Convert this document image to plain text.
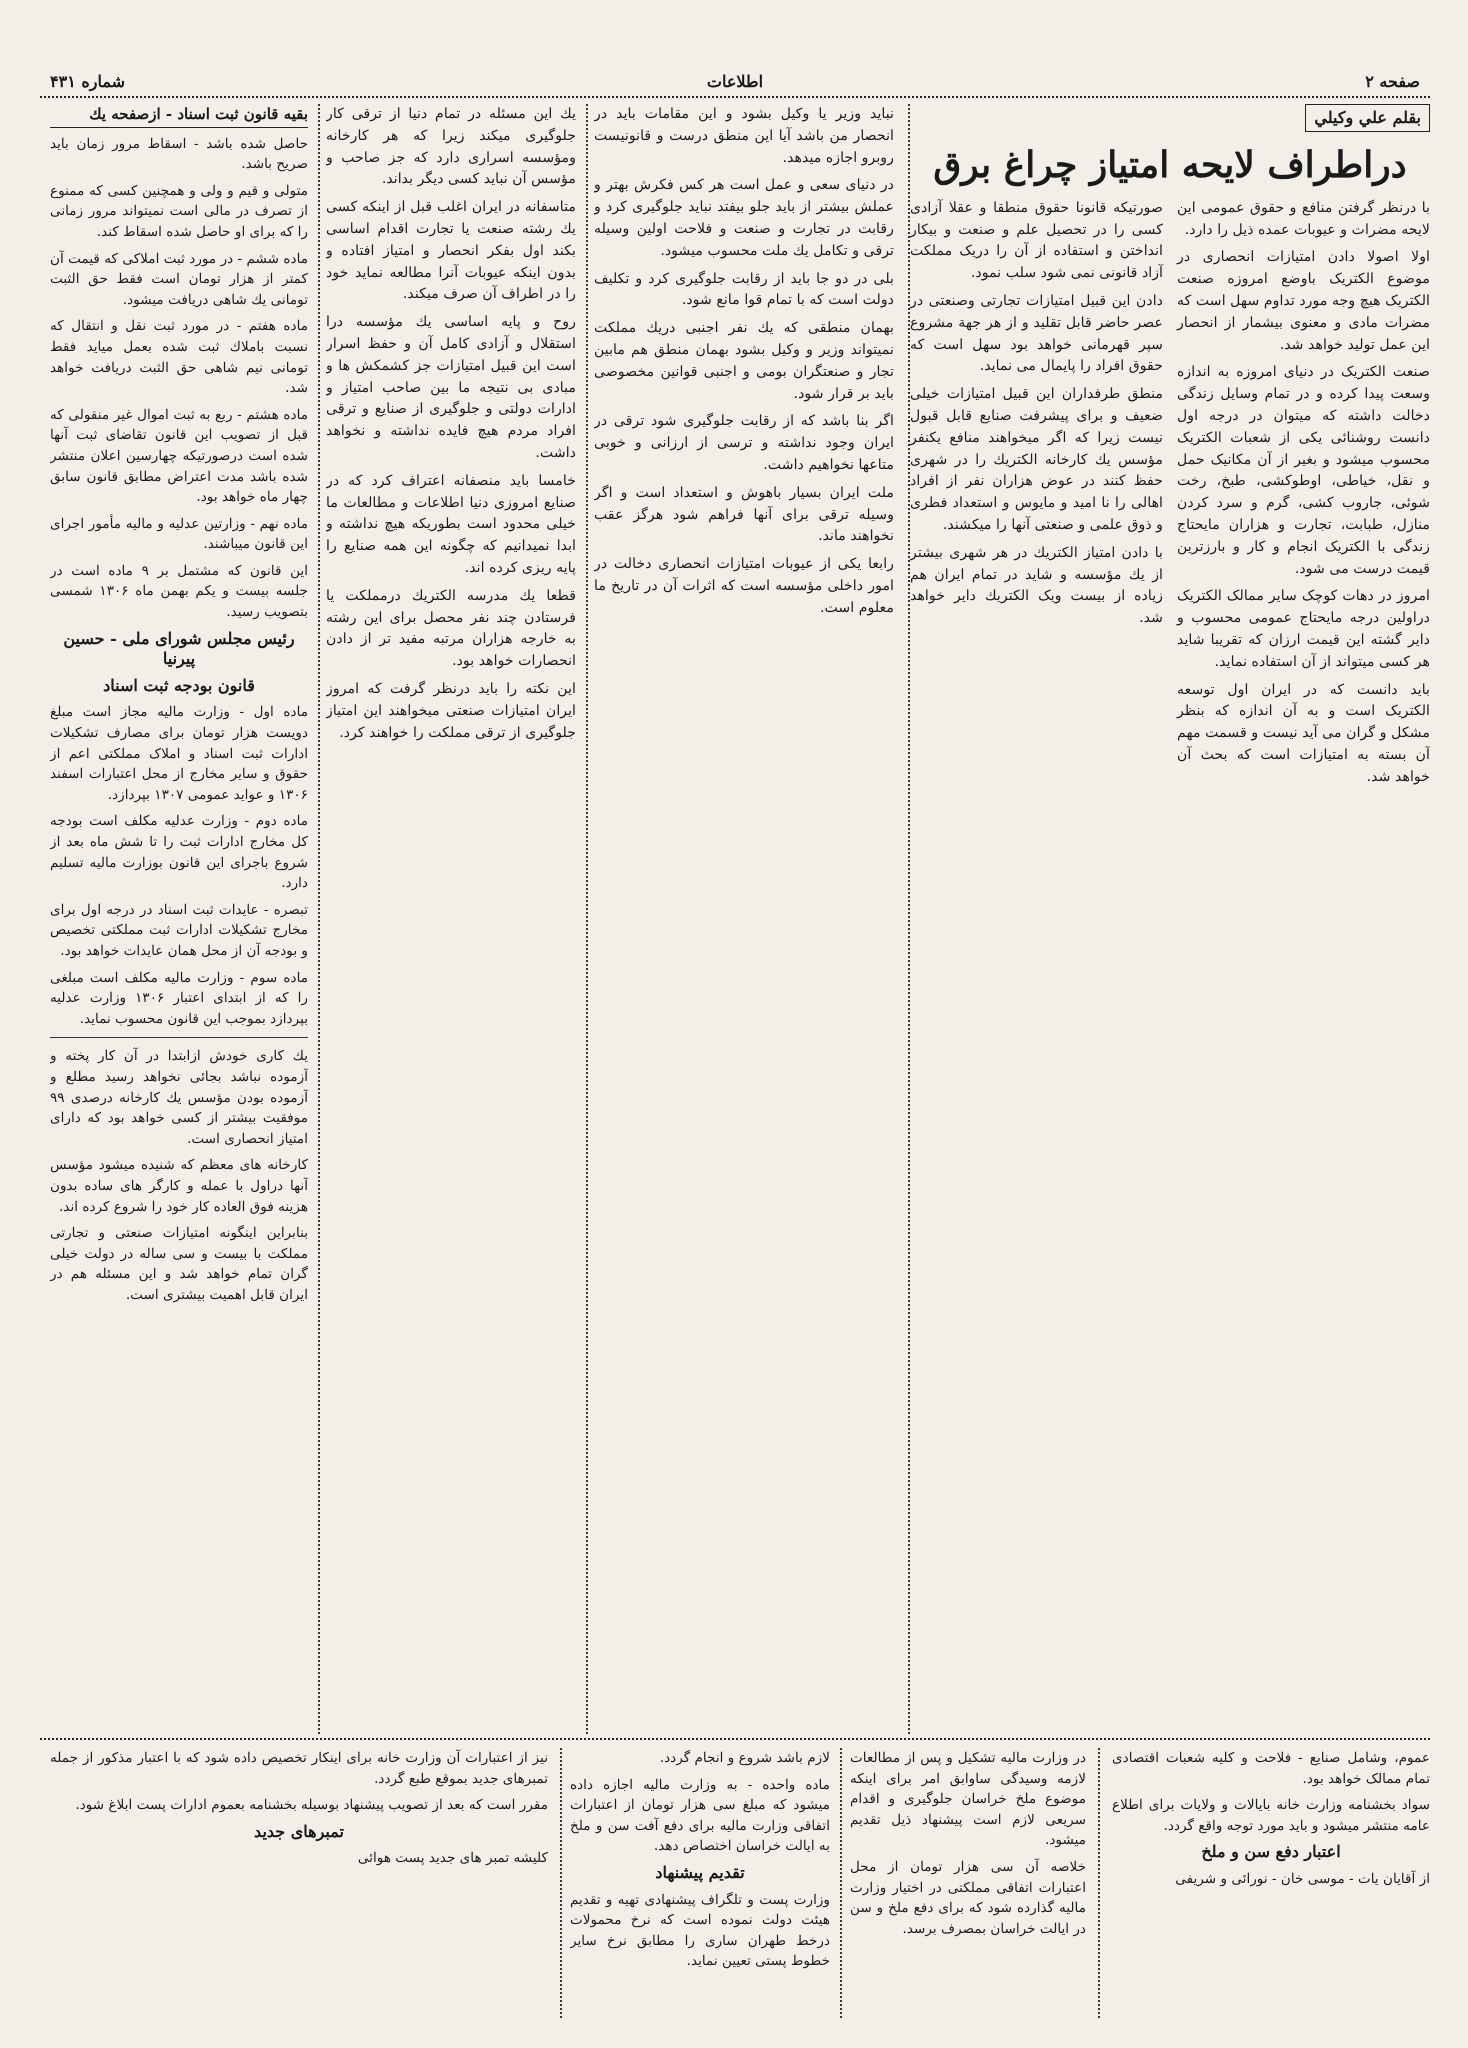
صفحه ۲
اطلاعات
شماره ۴۳۱
بقلم علي وكيلي
دراطراف لايحه امتياز چراغ برق

با درنظر گرفتن منافع و حقوق عمومی این لایحه مضرات و عیوبات عمده ذیل را دارد.

اولا اصولا دادن امتیازات انحصاری در موضوع الکتریک باوضع امروزه صنعت الکتریک هیچ وجه مورد تداوم سهل است که مضرات مادی و معنوی بیشمار از انحصار این عمل تولید خواهد شد.

صنعت الکتریک در دنیای امروزه به اندازه وسعت پیدا کرده و در تمام وسایل زندگی دخالت داشته که میتوان در درجه اول دانست روشنائی یکی از شعبات الکتریک محسوب میشود و بغیر از آن مکانیک حمل و نقل، خیاطی، اوطوکشی، طبخ، رخت شوئی، جاروب کشی، گرم و سرد کردن منازل، طبابت، تجارت و هزاران مایحتاج زندگی با الکتریک انجام و کار و بارزترین قیمت درست می شود.

امروز در دهات کوچک سایر ممالک الکتریک دراولین درجه مایحتاج عمومی محسوب و دایر گشته این قیمت ارزان که تقریبا شاید هر کسی میتواند از آن استفاده نماید.

باید دانست که در ایران اول توسعه الکتریک است و به آن اندازه که بنظر مشکل و گران می آید نیست و قسمت مهم آن بسته به امتیازات است که بحث آن خواهد شد.

صورتیکه قانونا حقوق منطقا و عقلا آزادی کسی را در تحصیل علم و صنعت و بیکار انداختن و استفاده از آن را دریک مملکت آزاد قانونی نمی شود سلب نمود.

دادن این قبیل امتیازات تجارتی وصنعتی در عصر حاضر قابل تقلید و از هر جهة مشروع سپر قهرمانی خواهد بود سهل است که حقوق افراد را پایمال می نماید.

منطق طرفداران این قبیل امتیازات خیلی ضعیف و برای پیشرفت صنایع قابل قبول نیست زیرا که اگر میخواهند منافع یکنفر مؤسس یك کارخانه الکتریك را در شهری حفظ کنند در عوض هزاران نفر از افراد اهالی را نا امید و مایوس و استعداد فطری و ذوق علمی و صنعتی آنها را میکشند.

با دادن امتیاز الکتریك در هر شهری بیشتر از یك مؤسسه و شاید در تمام ایران هم زیاده از بیست ویک الکتریك دایر خواهد شد.

نباید وزیر یا وکیل بشود و این مقامات باید در انحصار من باشد آیا این منطق درست و قانونیست روبرو اجازه میدهد.

در دنیای سعی و عمل است هر کس فکرش بهتر و عملش بیشتر از باید جلو بیفتد نباید جلوگیری کرد و رقابت در تجارت و صنعت و فلاحت اولین وسیله ترقی و تکامل یك ملت محسوب میشود.

بلی در دو جا باید از رقابت جلوگیری کرد و تکلیف دولت است که با تمام قوا مانع شود.

بهمان منطقی که یك نفر اجنبی دریك مملکت نمیتواند وزیر و وکیل بشود بهمان منطق هم مابین تجار و صنعتگران بومی و اجنبی قوانین مخصوصی باید بر قرار شود.

اگر بنا باشد که از رقابت جلوگیری شود ترقی در ایران وجود نداشته و ترسی از ارزانی و خوبی متاعها نخواهیم داشت.

ملت ایران بسیار باهوش و استعداد است و اگر وسیله ترقی برای آنها فراهم شود هرگز عقب نخواهند ماند.

رابعا یکی از عیوبات امتیازات انحصاری دخالت در امور داخلی مؤسسه است که اثرات آن در تاریخ ما معلوم است.

یك این مسئله در تمام دنیا از ترقی کار جلوگیری میکند زیرا که هر کارخانه ومؤسسه اسراری دارد که جز صاحب و مؤسس آن نباید کسی دیگر بداند.

متاسفانه در ایران اغلب قبل از اینکه کسی یك رشته صنعت یا تجارت اقدام اساسی بکند اول بفکر انحصار و امتیاز افتاده و بدون اینکه عیوبات آنرا مطالعه نماید خود را در اطراف آن صرف میکند.

روح و پایه اساسی یك مؤسسه درا استقلال و آزادی کامل آن و حفظ اسرار است این قبیل امتیازات جز کشمکش ها و مبادی بی نتیجه ما بین صاحب امتیاز و ادارات دولتی و جلوگیری از صنایع و ترقی افراد مردم هیچ فایده نداشته و نخواهد داشت.

خامسا باید منصفانه اعتراف کرد که در صنایع امروزی دنیا اطلاعات و مطالعات ما خیلی محدود است بطوریکه هیچ نداشته و ابدا نمیدانیم که چگونه این همه صنایع را پایه ریزی کرده اند.

قطعا یك مدرسه الکتریك درمملکت یا فرستادن چند نفر محصل برای این رشته به خارجه هزاران مرتبه مفید تر از دادن انحصارات خواهد بود.

این نکته را باید درنظر گرفت که امروز ایران امتیازات صنعتی میخواهند این امتیاز جلوگیری از ترقی مملکت را خواهند کرد.

بقیه قانون ثبت اسناد - ازصفحه یك

حاصل شده باشد - اسقاط مرور زمان باید صریح باشد.

متولی و قیم و ولی و همچنین کسی که ممنوع از تصرف در مالی است نمیتواند مرور زمانی را که برای او حاصل شده اسقاط کند.

ماده ششم - در مورد ثبت املاکی که قیمت آن کمتر از هزار تومان است فقط حق الثبت تومانی یك شاهی دریافت میشود.

ماده هفتم - در مورد ثبت نقل و انتقال که نسبت باملاك ثبت شده بعمل میاید فقط تومانی نیم شاهی حق الثبت دریافت خواهد شد.

ماده هشتم - ربع به ثبت اموال غیر منقولی که قبل از تصویب این قانون تقاضای ثبت آنها شده است درصورتیکه چهارسین اعلان منتشر شده باشد مدت اعتراض مطابق قانون سابق چهار ماه خواهد بود.

ماده نهم - وزارتین عدلیه و مالیه مأمور اجرای این قانون میباشند.

این قانون که مشتمل بر ۹ ماده است در جلسه بیست و یکم بهمن ماه ۱۳۰۶ شمسی بتصویب رسید.

رئیس مجلس شورای ملی - حسین پیرنیا
قانون بودجه ثبت اسناد

ماده اول - وزارت مالیه مجاز است مبلغ دویست هزار تومان برای مصارف تشکیلات ادارات ثبت اسناد و املاک مملکتی اعم از حقوق و سایر مخارج از محل اعتبارات اسفند ۱۳۰۶ و عواید عمومی ۱۳۰۷ بپردازد.

ماده دوم - وزارت عدلیه مکلف است بودجه کل مخارج ادارات ثبت را تا شش ماه بعد از شروع باجرای این قانون بوزارت مالیه تسلیم دارد.

تبصره - عایدات ثبت اسناد در درجه اول برای مخارج تشکیلات ادارات ثبت مملکتی تخصیص و بودجه آن از محل همان عایدات خواهد بود.

ماده سوم - وزارت مالیه مکلف است مبلغی را که از ابتدای اعتبار ۱۳۰۶ وزارت عدلیه بپردازد بموجب این قانون محسوب نماید.

یك کاری خودش ازابتدا در آن کار پخته و آزموده نباشد بجائی نخواهد رسید مطلع و آزموده بودن مؤسس یك کارخانه درصدی ۹۹ موفقیت بیشتر از کسی خواهد بود که دارای امتیاز انحصاری است.

کارخانه های معظم که شنیده میشود مؤسس آنها دراول با عمله و کارگر های ساده بدون هزینه فوق العاده کار خود را شروع کرده اند.

بنابراین اینگونه امتیازات صنعتی و تجارتی مملکت با بیست و سی ساله در دولت خیلی گران تمام خواهد شد و این مسئله هم در ایران قابل اهمیت بیشتری است.

عموم، وشامل صنایع - فلاحت و کلیه شعبات اقتصادی تمام ممالک خواهد بود.

سواد بخشنامه وزارت خانه بایالات و ولایات برای اطلاع عامه منتشر میشود و باید مورد توجه واقع گردد.

اعتبار دفع سن و ملخ

از آقایان یات - موسی خان - نورائی و شریفی

در وزارت مالیه تشکیل و پس از مطالعات لازمه وسیدگی ساوابق امر برای اینکه موضوع ملخ خراسان جلوگیری و اقدام سریعی لازم است پیشنهاد ذیل تقدیم میشود.

خلاصه آن سی هزار تومان از محل اعتبارات اتفاقی مملکتی در اختیار وزارت مالیه گذارده شود که برای دفع ملخ و سن در ایالت خراسان بمصرف برسد.

لازم باشد شروع و انجام گردد.

ماده واحده - به وزارت مالیه اجازه داده میشود که مبلغ سی هزار تومان از اعتبارات اتفاقی وزارت مالیه برای دفع آفت سن و ملخ به ایالت خراسان اختصاص دهد.

تقدیم پیشنهاد

وزارت پست و تلگراف پیشنهادی تهیه و تقدیم هیئت دولت نموده است که نرخ محمولات درخط طهران ساری را مطابق نرخ سایر خطوط پستی تعیین نماید.

نیز از اعتبارات آن وزارت خانه برای اینکار تخصیص داده شود که با اعتبار مذکور از جمله تمبرهای جدید بموقع طبع گردد.

مقرر است که بعد از تصویب پیشنهاد بوسیله بخشنامه بعموم ادارات پست ابلاغ شود.

تمبرهای جدید

کلیشه تمبر های جدید پست هوائی
